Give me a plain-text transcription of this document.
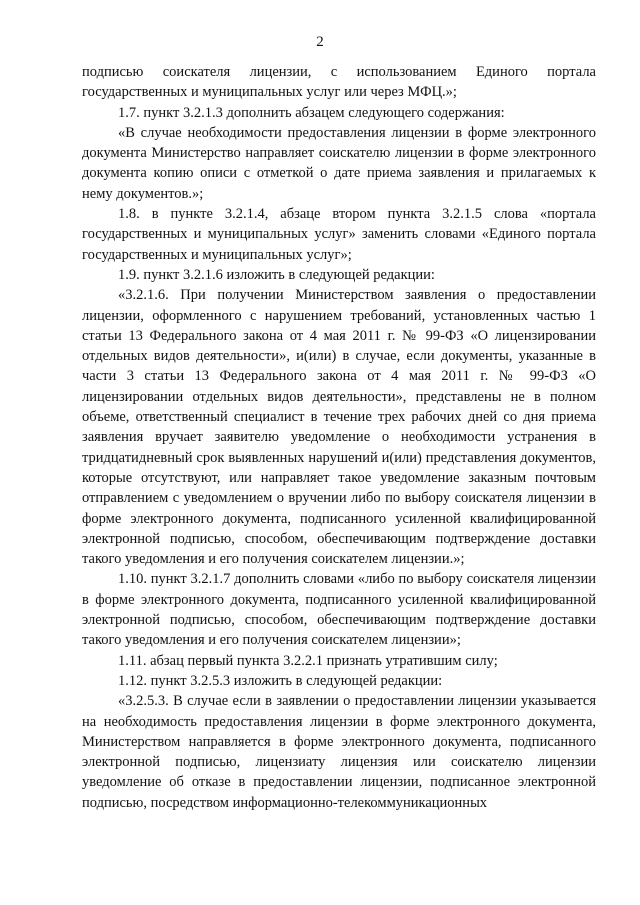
2

подписью соискателя лицензии, с использованием Единого портала государственных и муниципальных услуг или через МФЦ.»;

1.7. пункт 3.2.1.3 дополнить абзацем следующего содержания:

«В случае необходимости предоставления лицензии в форме электронного документа Министерство направляет соискателю лицензии в форме электронного документа копию описи с отметкой о дате приема заявления и прилагаемых к нему документов.»;

1.8. в пункте 3.2.1.4, абзаце втором пункта 3.2.1.5 слова «портала государственных и муниципальных услуг» заменить словами «Единого портала государственных и муниципальных услуг»;

1.9. пункт 3.2.1.6 изложить в следующей редакции:

«3.2.1.6. При получении Министерством заявления о предоставлении лицензии, оформленного с нарушением требований, установленных частью 1 статьи 13 Федерального закона от 4 мая 2011 г. № 99-ФЗ «О лицензировании отдельных видов деятельности», и(или) в случае, если документы, указанные в части 3 статьи 13 Федерального закона от 4 мая 2011 г. № 99-ФЗ «О лицензировании отдельных видов деятельности», представлены не в полном объеме, ответственный специалист в течение трех рабочих дней со дня приема заявления вручает заявителю уведомление о необходимости устранения в тридцатидневный срок выявленных нарушений и(или) представления документов, которые отсутствуют, или направляет такое уведомление заказным почтовым отправлением с уведомлением о вручении либо по выбору соискателя лицензии в форме электронного документа, подписанного усиленной квалифицированной электронной подписью, способом, обеспечивающим подтверждение доставки такого уведомления и его получения соискателем лицензии.»;

1.10. пункт 3.2.1.7 дополнить словами «либо по выбору соискателя лицензии в форме электронного документа, подписанного усиленной квалифицированной электронной подписью, способом, обеспечивающим подтверждение доставки такого уведомления и его получения соискателем лицензии»;

1.11. абзац первый пункта 3.2.2.1 признать утратившим силу;

1.12. пункт 3.2.5.3 изложить в следующей редакции:

«3.2.5.3. В случае если в заявлении о предоставлении лицензии указывается на необходимость предоставления лицензии в форме электронного документа, Министерством направляется в форме электронного документа, подписанного электронной подписью, лицензиату лицензия или соискателю лицензии уведомление об отказе в предоставлении лицензии, подписанное электронной подписью, посредством информационно-телекоммуникационных
